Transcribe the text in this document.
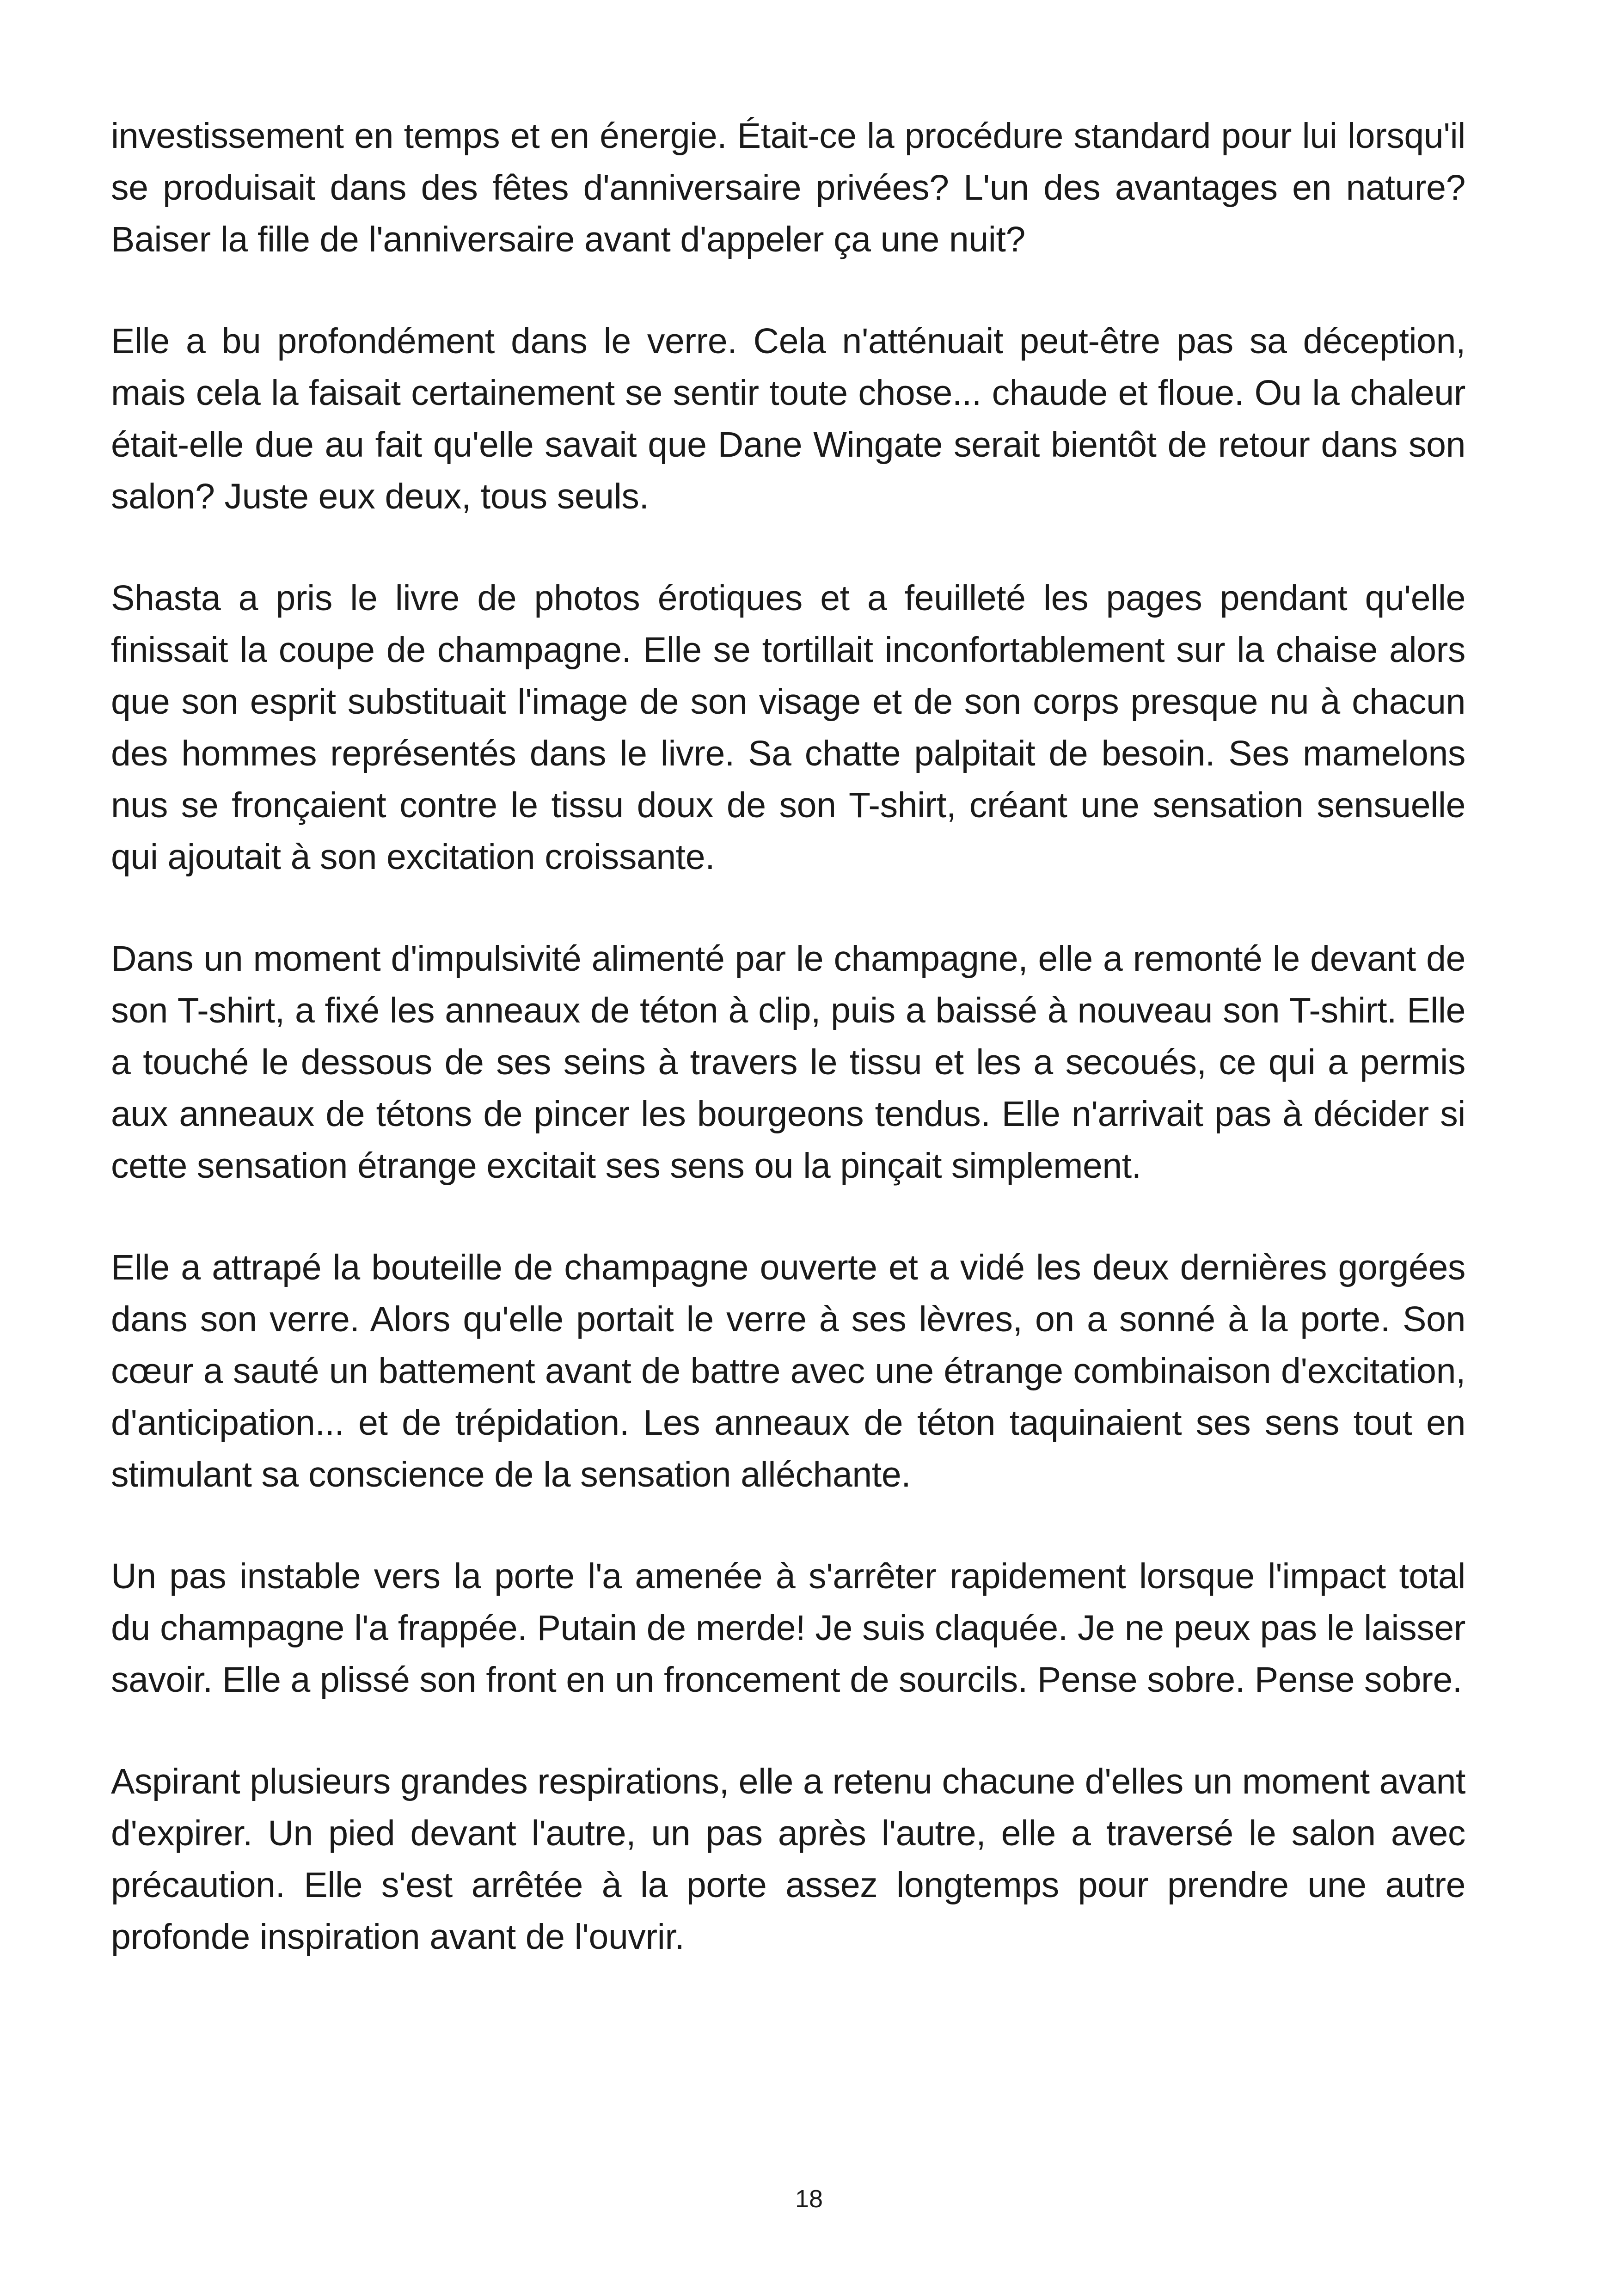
investissement en temps et en énergie. Était-ce la procédure standard pour lui lorsqu'il se produisait dans des fêtes d'anniversaire privées? L'un des avantages en nature? Baiser la fille de l'anniversaire avant d'appeler ça une nuit?

Elle a bu profondément dans le verre. Cela n'atténuait peut-être pas sa déception, mais cela la faisait certainement se sentir toute chose... chaude et floue. Ou la chaleur était-elle due au fait qu'elle savait que Dane Wingate serait bientôt de retour dans son salon? Juste eux deux, tous seuls.

Shasta a pris le livre de photos érotiques et a feuilleté les pages pendant qu'elle finissait la coupe de champagne. Elle se tortillait inconfortablement sur la chaise alors que son esprit substituait l'image de son visage et de son corps presque nu à chacun des hommes représentés dans le livre. Sa chatte palpitait de besoin. Ses mamelons nus se fronçaient contre le tissu doux de son T-shirt, créant une sensation sensuelle qui ajoutait à son excitation croissante.

Dans un moment d'impulsivité alimenté par le champagne, elle a remonté le devant de son T-shirt, a fixé les anneaux de téton à clip, puis a baissé à nouveau son T-shirt. Elle a touché le dessous de ses seins à travers le tissu et les a secoués, ce qui a permis aux anneaux de tétons de pincer les bourgeons tendus. Elle n'arrivait pas à décider si cette sensation étrange excitait ses sens ou la pinçait simplement.

Elle a attrapé la bouteille de champagne ouverte et a vidé les deux dernières gorgées dans son verre. Alors qu'elle portait le verre à ses lèvres, on a sonné à la porte. Son cœur a sauté un battement avant de battre avec une étrange combinaison d'excitation, d'anticipation... et de trépidation. Les anneaux de téton taquinaient ses sens tout en stimulant sa conscience de la sensation alléchante.

Un pas instable vers la porte l'a amenée à s'arrêter rapidement lorsque l'impact total du champagne l'a frappée. Putain de merde! Je suis claquée. Je ne peux pas le laisser savoir. Elle a plissé son front en un froncement de sourcils. Pense sobre. Pense sobre.

Aspirant plusieurs grandes respirations, elle a retenu chacune d'elles un moment avant d'expirer. Un pied devant l'autre, un pas après l'autre, elle a traversé le salon avec précaution. Elle s'est arrêtée à la porte assez longtemps pour prendre une autre profonde inspiration avant de l'ouvrir.

18
